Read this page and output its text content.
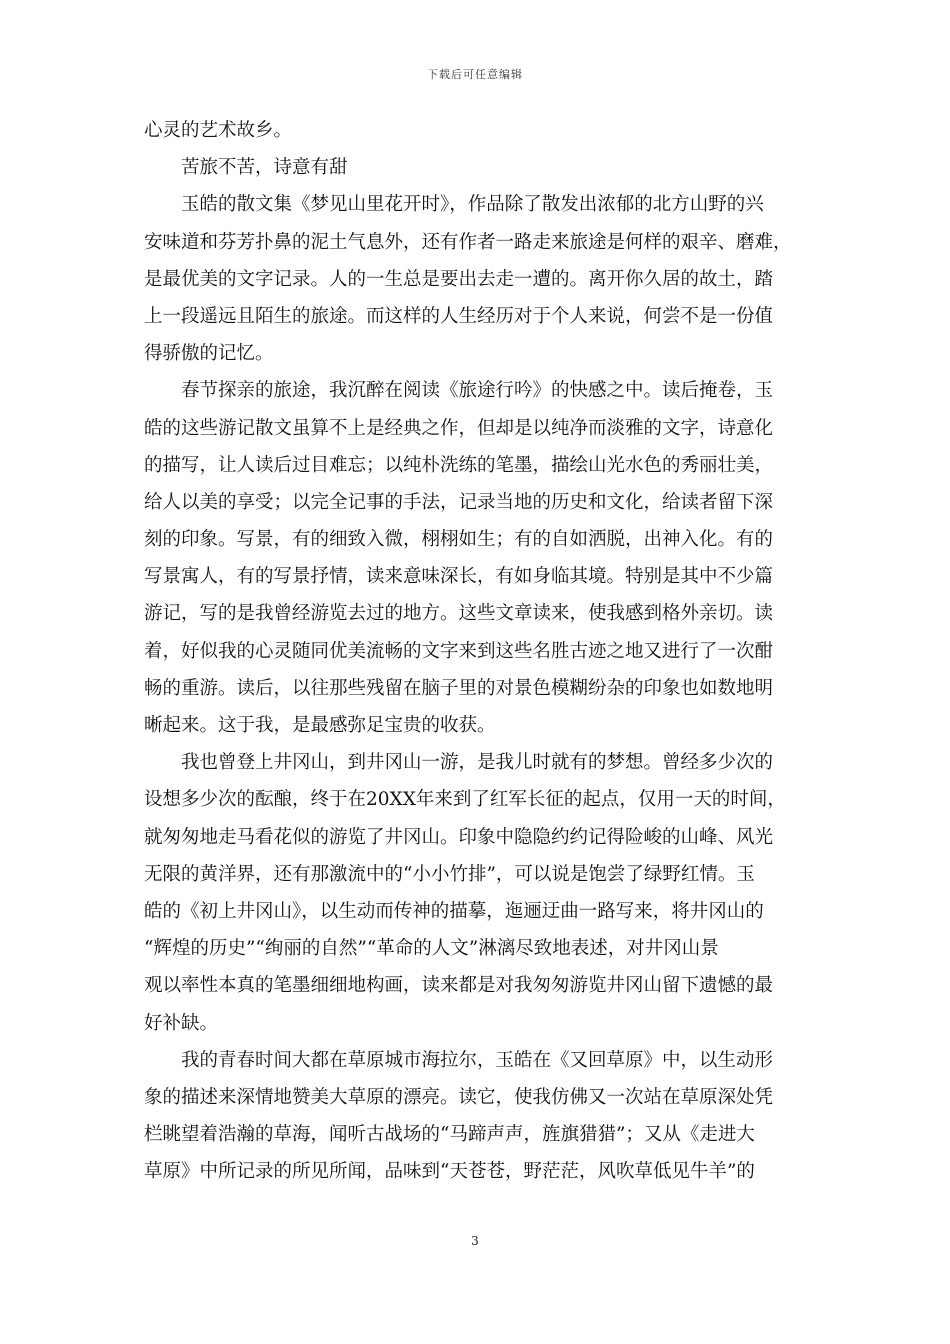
下载后可任意编辑
心灵的艺术故乡。
苦旅不苦，诗意有甜
玉皓的散文集《梦见山里花开时》，作品除了散发出浓郁的北方山野的兴
安味道和芬芳扑鼻的泥土气息外，还有作者一路走来旅途是何样的艰辛、磨难，
是最优美的文字记录。人的一生总是要出去走一遭的。离开你久居的故土，踏
上一段遥远且陌生的旅途。而这样的人生经历对于个人来说，何尝不是一份值
得骄傲的记忆。
春节探亲的旅途，我沉醉在阅读《旅途行吟》的快感之中。读后掩卷，玉
皓的这些游记散文虽算不上是经典之作，但却是以纯净而淡雅的文字，诗意化
的描写，让人读后过目难忘；以纯朴洗练的笔墨，描绘山光水色的秀丽壮美，
给人以美的享受；以完全记事的手法，记录当地的历史和文化，给读者留下深
刻的印象。写景，有的细致入微，栩栩如生；有的自如洒脱，出神入化。有的
写景寓人，有的写景抒情，读来意味深长，有如身临其境。特别是其中不少篇
游记，写的是我曾经游览去过的地方。这些文章读来，使我感到格外亲切。读
着，好似我的心灵随同优美流畅的文字来到这些名胜古迹之地又进行了一次酣
畅的重游。读后，以往那些残留在脑子里的对景色模糊纷杂的印象也如数地明
晰起来。这于我，是最感弥足宝贵的收获。
我也曾登上井冈山，到井冈山一游，是我儿时就有的梦想。曾经多少次的
设想多少次的酝酿，终于在20XX年来到了红军长征的起点，仅用一天的时间，
就匆匆地走马看花似的游览了井冈山。印象中隐隐约约记得险峻的山峰、风光
无限的黄洋界，还有那激流中的“小小竹排”，可以说是饱尝了绿野红情。玉
皓的《初上井冈山》，以生动而传神的描摹，迤逦迂曲一路写来，将井冈山的
“辉煌的历史”“绚丽的自然”“革命的人文”淋漓尽致地表述，对井冈山景
观以率性本真的笔墨细细地构画，读来都是对我匆匆游览井冈山留下遗憾的最
好补缺。
我的青春时间大都在草原城市海拉尔，玉皓在《又回草原》中，以生动形
象的描述来深情地赞美大草原的漂亮。读它，使我仿佛又一次站在草原深处凭
栏眺望着浩瀚的草海，闻听古战场的“马蹄声声，旌旗猎猎”；又从《走进大
草原》中所记录的所见所闻，品味到“天苍苍，野茫茫，风吹草低见牛羊”的
3
